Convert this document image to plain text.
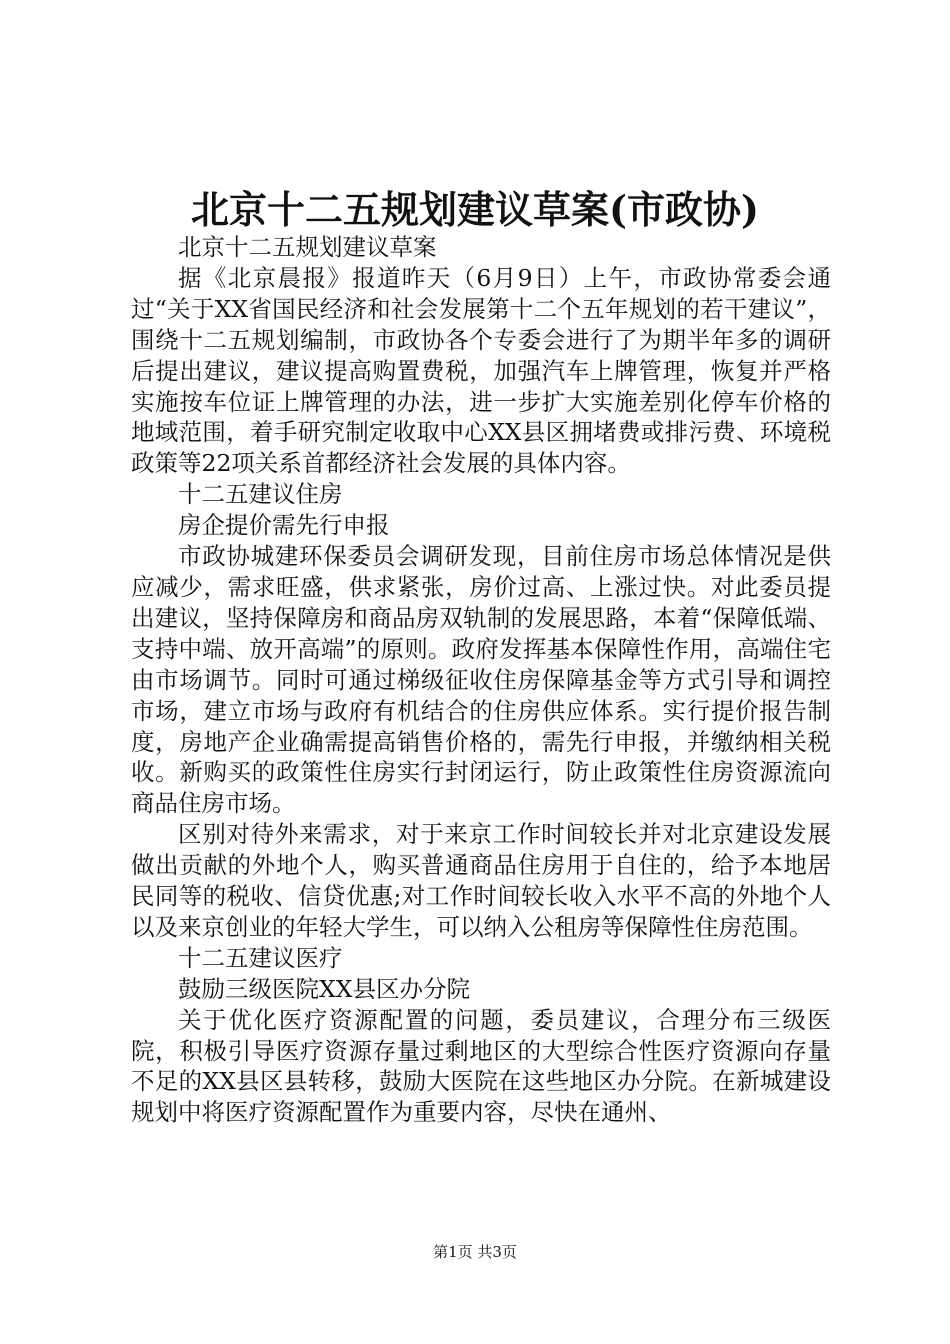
北京十二五规划建议草案(市政协)

北京十二五规划建议草案

据《北京晨报》报道昨天（6月9日）上午，市政协常委会通过“关于XX省国民经济和社会发展第十二个五年规划的若干建议”，围绕十二五规划编制，市政协各个专委会进行了为期半年多的调研后提出建议，建议提高购置费税，加强汽车上牌管理，恢复并严格实施按车位证上牌管理的办法，进一步扩大实施差别化停车价格的地域范围，着手研究制定收取中心XX县区拥堵费或排污费、环境税政策等22项关系首都经济社会发展的具体内容。

十二五建议住房

房企提价需先行申报

市政协城建环保委员会调研发现，目前住房市场总体情况是供应减少，需求旺盛，供求紧张，房价过高、上涨过快。对此委员提出建议，坚持保障房和商品房双轨制的发展思路，本着“保障低端、支持中端、放开高端”的原则。政府发挥基本保障性作用，高端住宅由市场调节。同时可通过梯级征收住房保障基金等方式引导和调控市场，建立市场与政府有机结合的住房供应体系。实行提价报告制度，房地产企业确需提高销售价格的，需先行申报，并缴纳相关税收。新购买的政策性住房实行封闭运行，防止政策性住房资源流向商品住房市场。

区别对待外来需求，对于来京工作时间较长并对北京建设发展做出贡献的外地个人，购买普通商品住房用于自住的，给予本地居民同等的税收、信贷优惠;对工作时间较长收入水平不高的外地个人以及来京创业的年轻大学生，可以纳入公租房等保障性住房范围。

十二五建议医疗

鼓励三级医院XX县区办分院

关于优化医疗资源配置的问题，委员建议，合理分布三级医院，积极引导医疗资源存量过剩地区的大型综合性医疗资源向存量不足的XX县区县转移，鼓励大医院在这些地区办分院。在新城建设规划中将医疗资源配置作为重要内容，尽快在通州、

第1页 共3页
